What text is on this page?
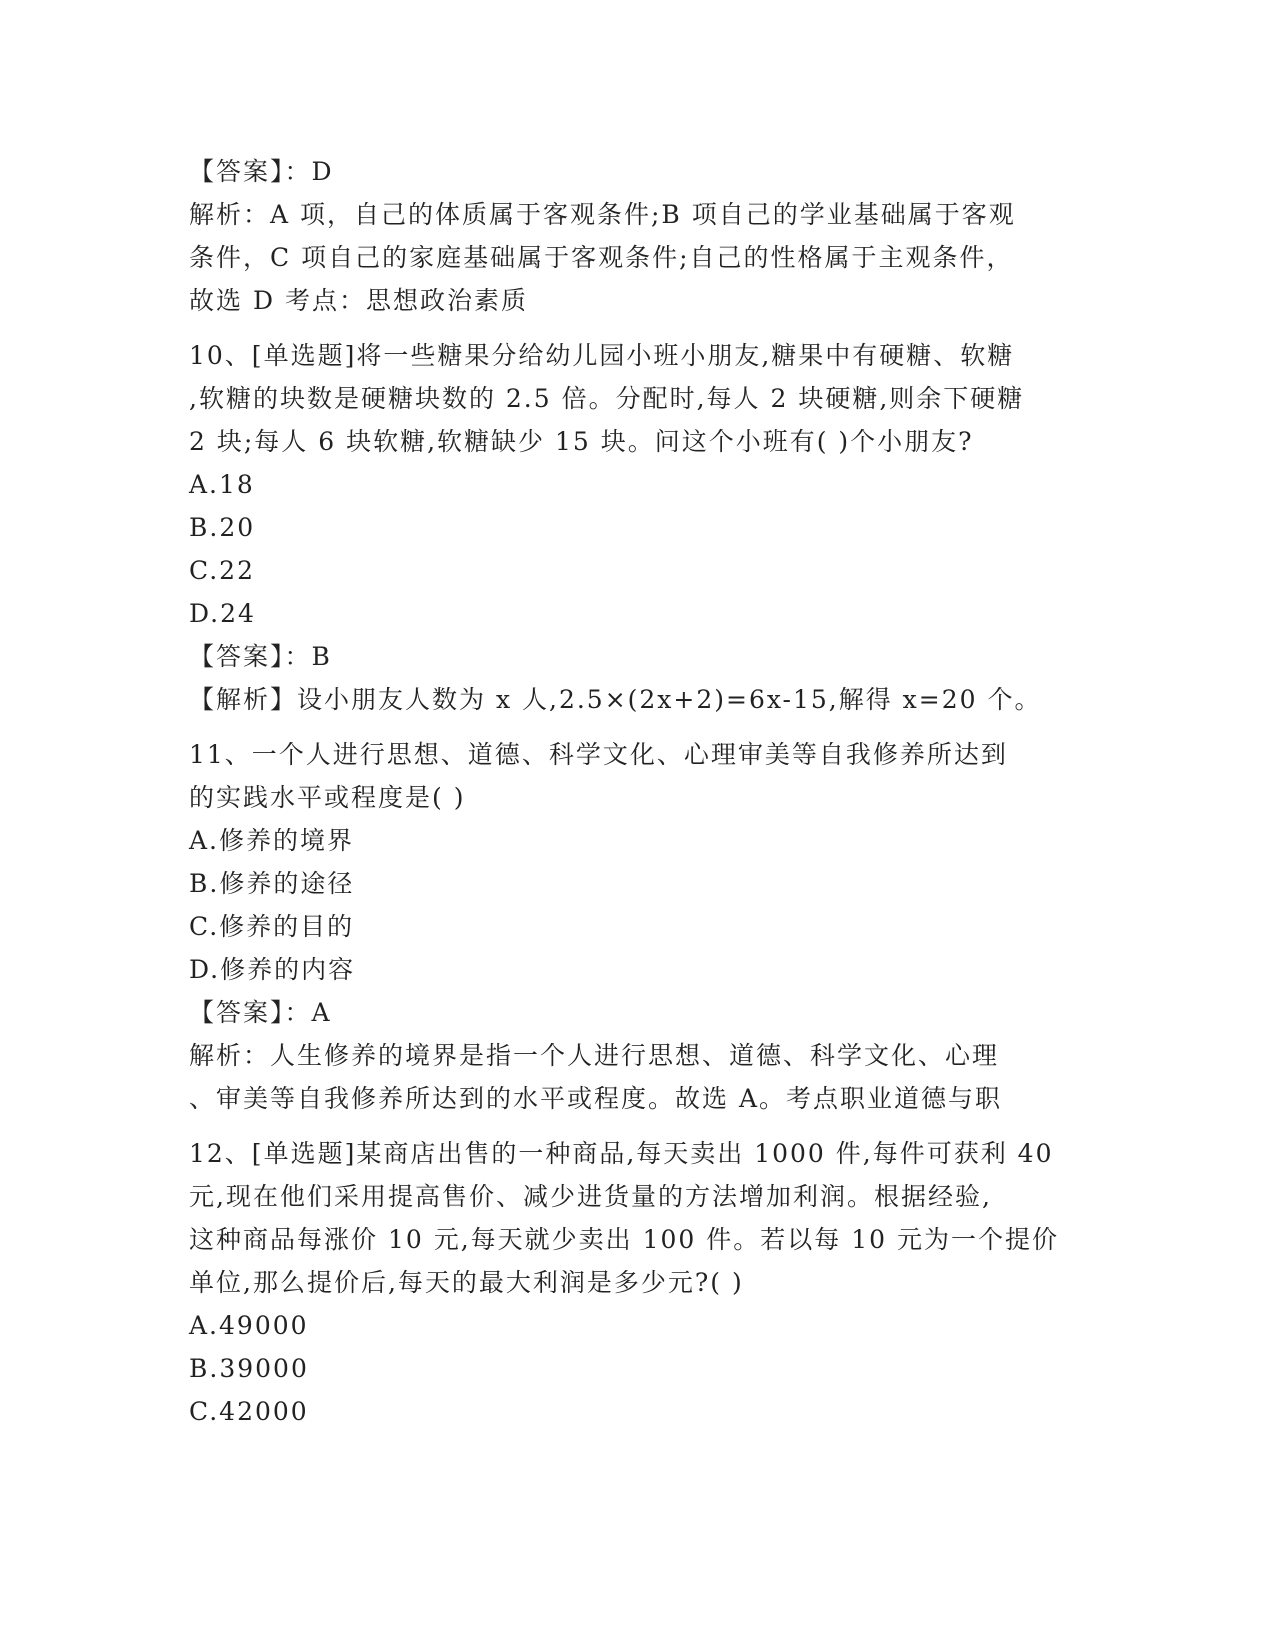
【答案】：D
解析：A 项，自己的体质属于客观条件;B 项自己的学业基础属于客观
条件，C 项自己的家庭基础属于客观条件;自己的性格属于主观条件，
故选 D 考点：思想政治素质
10、[单选题]将一些糖果分给幼儿园小班小朋友,糖果中有硬糖、软糖
,软糖的块数是硬糖块数的 2.5 倍。分配时,每人 2 块硬糖,则余下硬糖
2 块;每人 6 块软糖,软糖缺少 15 块。问这个小班有( )个小朋友?
A.18
B.20
C.22
D.24
【答案】：B
【解析】设小朋友人数为 x 人,2.5×(2x+2)=6x-15,解得 x=20 个。
11、一个人进行思想、道德、科学文化、心理审美等自我修养所达到
的实践水平或程度是( )
A.修养的境界
B.修养的途径
C.修养的目的
D.修养的内容
【答案】：A
解析：人生修养的境界是指一个人进行思想、道德、科学文化、心理
、审美等自我修养所达到的水平或程度。故选 A。考点职业道德与职
12、[单选题]某商店出售的一种商品,每天卖出 1000 件,每件可获利 40
元,现在他们采用提高售价、减少进货量的方法增加利润。根据经验,
这种商品每涨价 10 元,每天就少卖出 100 件。若以每 10 元为一个提价
单位,那么提价后,每天的最大利润是多少元?( )
A.49000
B.39000
C.42000
